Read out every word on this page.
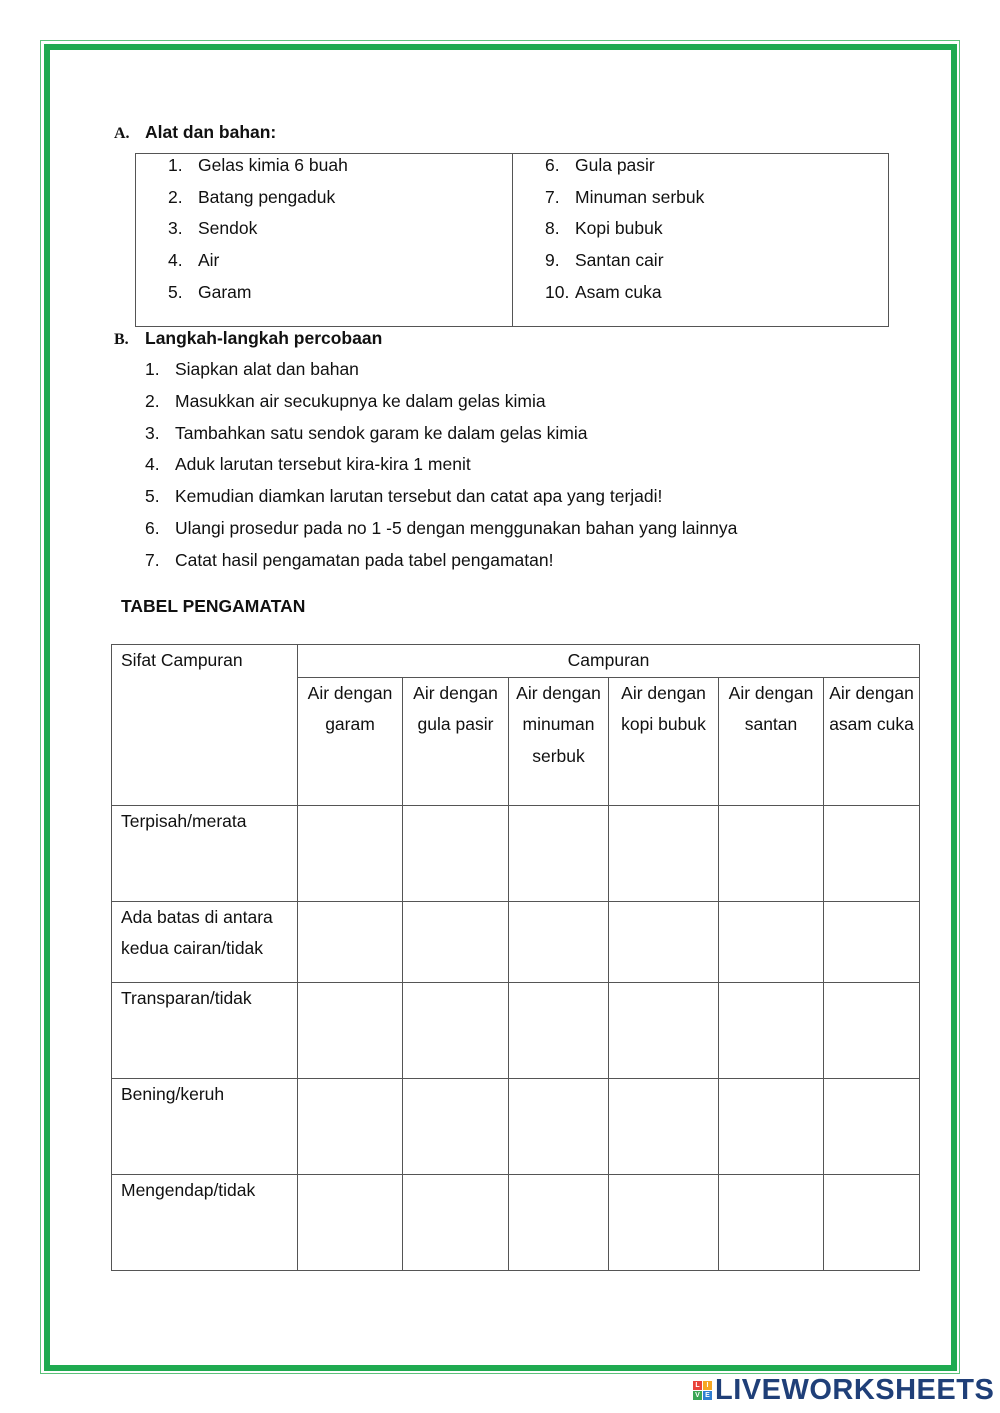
A. Alat dan bahan:
1. Gelas kimia 6 buah
2. Batang pengaduk
3. Sendok
4. Air
5. Garam
6. Gula pasir
7. Minuman serbuk
8. Kopi bubuk
9. Santan cair
10. Asam cuka
B. Langkah-langkah percobaan
1. Siapkan alat dan bahan
2. Masukkan air secukupnya ke dalam gelas kimia
3. Tambahkan satu sendok garam ke dalam gelas kimia
4. Aduk larutan tersebut kira-kira 1 menit
5. Kemudian diamkan larutan tersebut dan catat apa yang terjadi!
6. Ulangi prosedur pada no 1 -5 dengan menggunakan bahan yang lainnya
7. Catat hasil pengamatan pada tabel pengamatan!
TABEL PENGAMATAN
Sifat Campuran	Campuran					
	Air dengan garam	Air dengan gula pasir	Air dengan minuman serbuk	Air dengan kopi bubuk	Air dengan santan	Air dengan asam cuka
Terpisah/merata						
Ada batas di antara kedua cairan/tidak						
Transparan/tidak						
Bening/keruh						
Mengendap/tidak						
L I
V E LIVEWORKSHEETS
